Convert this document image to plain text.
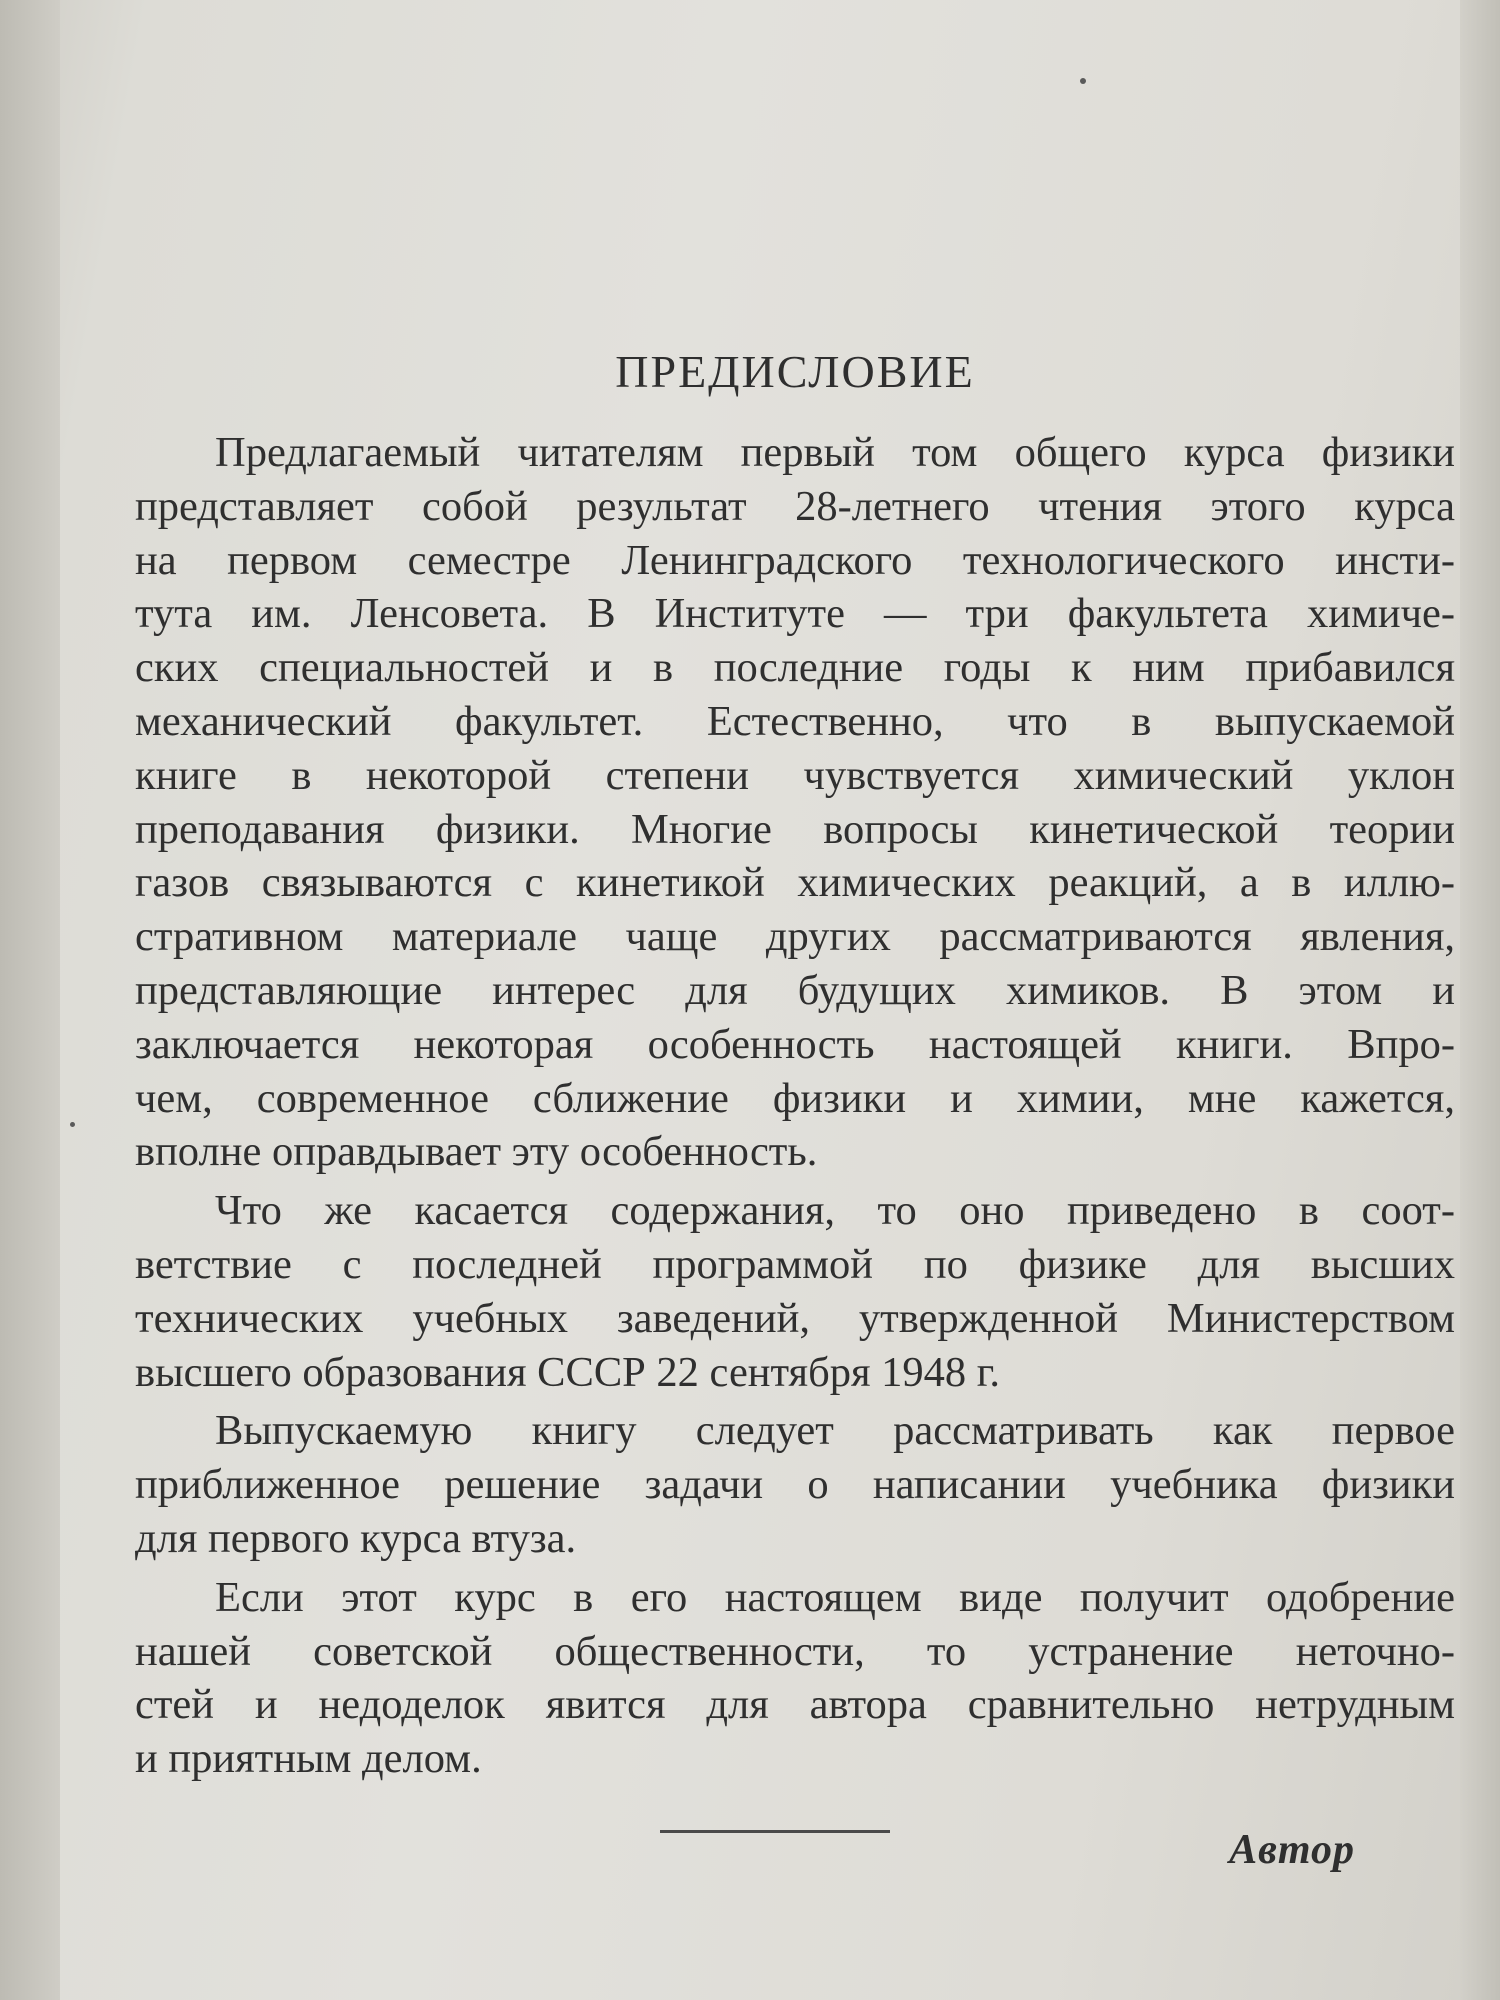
ПРЕДИСЛОВИЕ
Предлагаемый читателям первый том общего курса физики
представляет собой результат 28-летнего чтения этого курса
на первом семестре Ленинградского технологического инсти-
тута им. Ленсовета. В Институте — три факультета химиче-
ских специальностей и в последние годы к ним прибавился
механический факультет. Естественно, что в выпускаемой
книге в некоторой степени чувствуется химический уклон
преподавания физики. Многие вопросы кинетической теории
газов связываются с кинетикой химических реакций, а в иллю-
стративном материале чаще других рассматриваются явления,
представляющие интерес для будущих химиков. В этом и
заключается некоторая особенность настоящей книги. Впро-
чем, современное сближение физики и химии, мне кажется,
вполне оправдывает эту особенность.
Что же касается содержания, то оно приведено в соот-
ветствие с последней программой по физике для высших
технических учебных заведений, утвержденной Министерством
высшего образования СССР 22 сентября 1948 г.
Выпускаемую книгу следует рассматривать как первое
приближенное решение задачи о написании учебника физики
для первого курса втуза.
Если этот курс в его настоящем виде получит одобрение
нашей советской общественности, то устранение неточно-
стей и недоделок явится для автора сравнительно нетрудным
и приятным делом.
Автор
